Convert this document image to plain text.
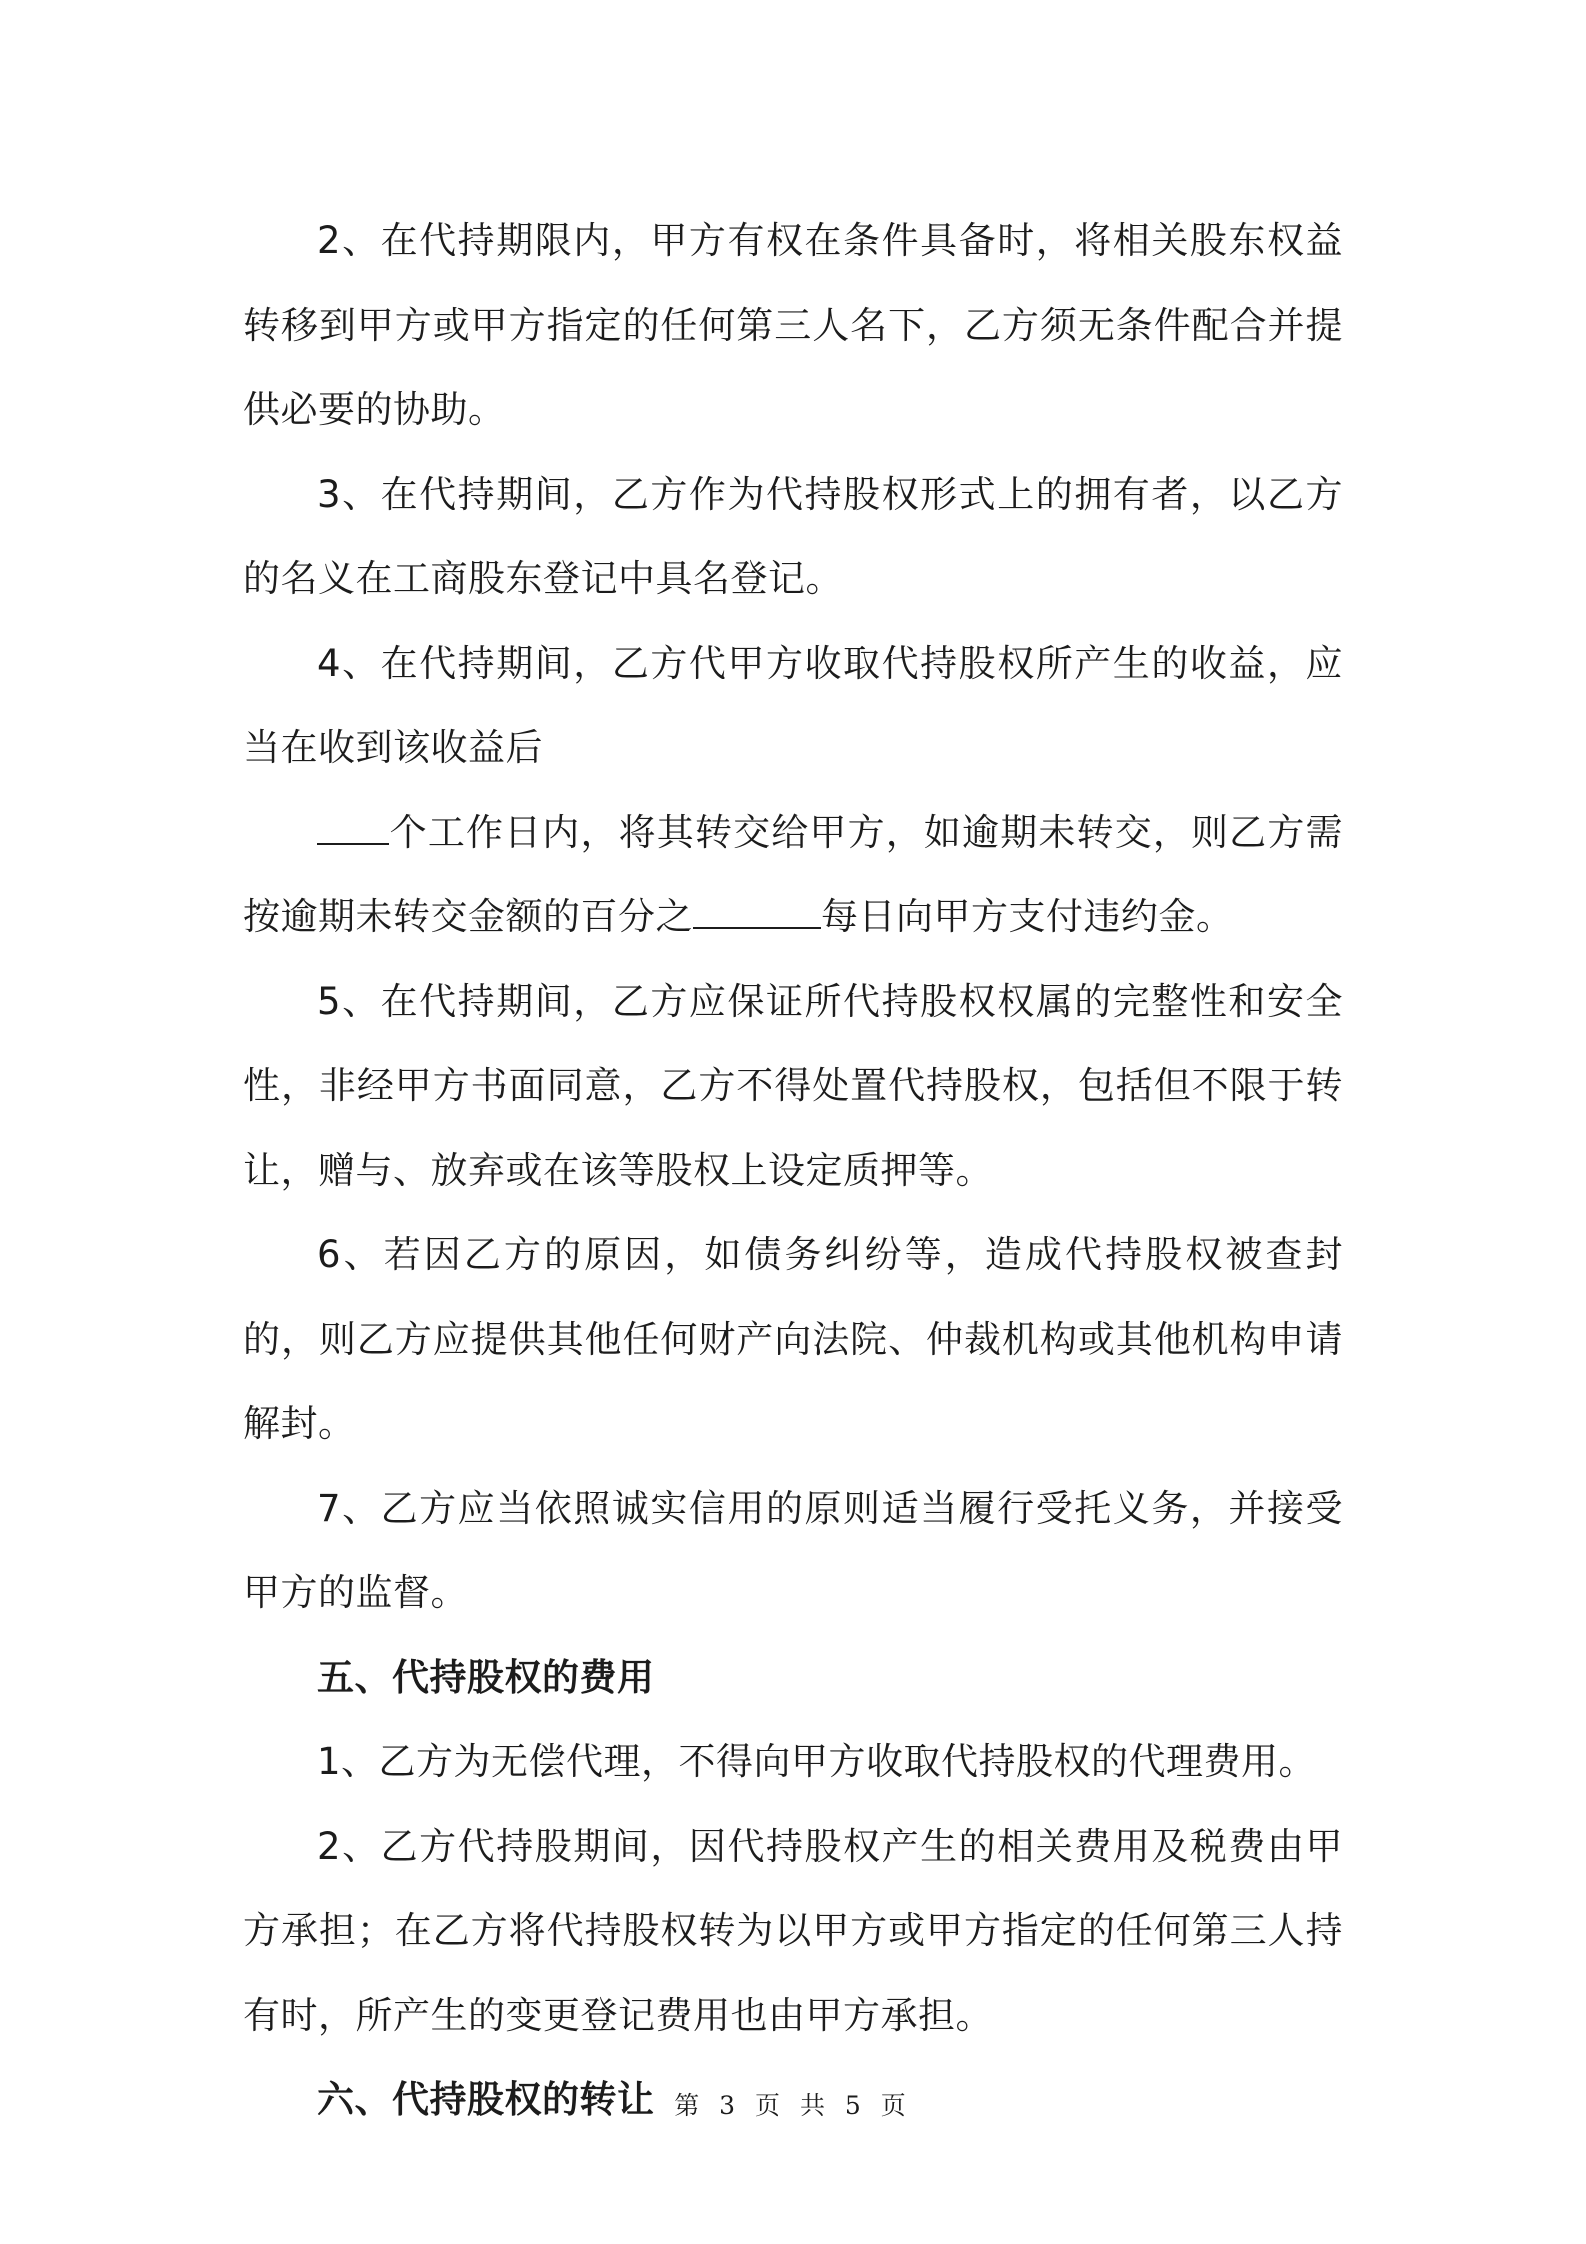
2、在代持期限内，甲方有权在条件具备时，将相关股东权益转移到甲方或甲方指定的任何第三人名下，乙方须无条件配合并提供必要的协助。

3、在代持期间，乙方作为代持股权形式上的拥有者，以乙方的名义在工商股东登记中具名登记。

4、在代持期间，乙方代甲方收取代持股权所产生的收益，应当在收到该收益后

个工作日内，将其转交给甲方，如逾期未转交，则乙方需按逾期未转交金额的百分之	每日向甲方支付违约金。

5、在代持期间，乙方应保证所代持股权权属的完整性和安全性，非经甲方书面同意，乙方不得处置代持股权，包括但不限于转让，赠与、放弃或在该等股权上设定质押等。

6、若因乙方的原因，如债务纠纷等，造成代持股权被查封的，则乙方应提供其他任何财产向法院、仲裁机构或其他机构申请解封。

7、乙方应当依照诚实信用的原则适当履行受托义务，并接受甲方的监督。

五、代持股权的费用

1、乙方为无偿代理，不得向甲方收取代持股权的代理费用。

2、乙方代持股期间，因代持股权产生的相关费用及税费由甲方承担；在乙方将代持股权转为以甲方或甲方指定的任何第三人持有时，所产生的变更登记费用也由甲方承担。

六、代持股权的转让 第 3 页 共 5 页
